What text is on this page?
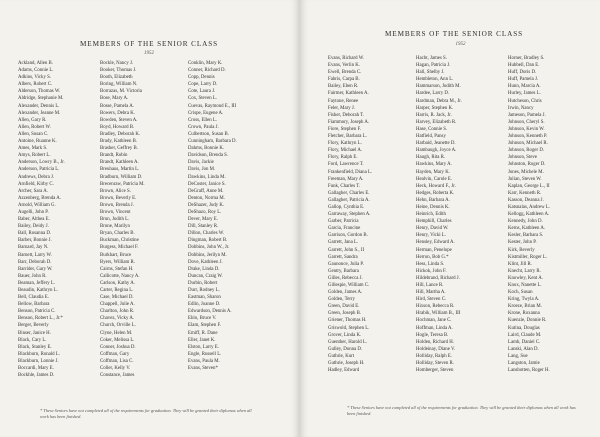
MEMBERS OF THE SENIOR CLASS
1952
Ackland, Allen B.
Adams, Connie L.
Adkins, Vicky S.
Albers, Robert C.
Alderson, Thomas W.
Aldridge, Stephanie M.
Alexander, Dennis L.
Alexander, Jeanne M.
Allen, Gary R.
Allen, Robert W.
Allen, Susan C.
Antoine, Ruanne K.
Ames, Mark S.
Amys, Robert L.
Anderson, Lowry B., Jr.
Anderson, Patricia L.
Andrews, Debra J.
Arnfield, Kirby C.
Archer, Sara A.
Azzenberg, Brenda A.
Arnold, William G.
Augelli, John P.
Baber, Althea E.
Bailey, Deidy J.
Ball, Rosanna D.
Barber, Bonnie J.
Barnard, Jay N.
Barnett, Larry W.
Barr, Deborah D.
Barrider, Gary W.
Bauer, John R.
Beaman, Jeffery L.
Beaudin, Kathryn L.
Bell, Claudia E.
Bellow, Barbara
Benson, Patricia C.
Benson, Robert L., Jr.*
Berger, Beverly
Binser, Janice H.
Black, Cary L.
Black, Stanley E.
Blackburn, Ronald L.
Blackburn, Lonnie J.
Boccardi, Mary E.
Bockhle, James D.
Bockle, Nancy J.
Booker, Thomas J.
Booth, Elizabeth
Boring, William N.
Borrazas, M. Victoria
Bose, Mary A.
Bosse, Pamela A.
Bowers, Debra K.
Bowden, Steven A.
Boyd, Howard B.
Bradley, Deborah K.
Brady, Kathleen B.
Brasher, Geffrey B.
Brandt, Robin
Brandt, Kathleen A.
Breuhaus, Martin L.
Bradburn, William D.
Brecenraw, Patricia M.
Brown, Alice S.
Brown, Beverly E.
Brown, Brenda J.
Brown, Vincent
Brun, Judith L.
Brune, Marilyn
Bryan, Charles B.
Buckman, Christine
Burgess, Michael F.
Burkhart, Bruce
Byers, William R.
Cairns, Stefan H.
Callicotte, Nancy A.
Carlson, Kathy A.
Carter, Regina L.
Case, Michael D.
Chappell, Julie A.
Charlton, John R.
Chavez, Vicky A.
Church, Orville L.
Clyne, Helen M.
Coker, Melissa L.
Conner, Joshua D.
Coffman, Gary
Coffman, Lisa C.
Coller, Kelly V.
Constance, James
Conklin, Mary K.
Conner, Richard D.
Copp, Dennis
Cope, Larry D.
Cote, Laura J.
Cox, Steven L.
Cuevas, Raymond E., III
Crispe, Eugene A.
Cross, Ellen L.
Crown, Paula J.
Culbertson, Susan B.
Cunningham, Barbara D.
Dahms, Bonnie K.
Davidson, Brenda S.
Davis, Jackie
Davis, Jon M.
Dawkins, Linda M.
DeCoster, Janice S.
DeGraff, Anne M.
Denton, Norma M.
DeShazer, Judy K.
DeShazo, Roy L.
Dever, Mary E.
Dill, Stanley R.
Dillon, Charles W.
Dingman, Robert B.
Dobbins, John W., Jr.
Dobbins, Jerilyn M.
Dove, Kathleen J.
Drake, Linda D.
Duncan, Craig W.
Durbin, Robert
Durr, Rodney L.
Eastman, Sharon
Edlin, Joanne D.
Edwardson, Dennis A.
Ehlo, Bruce V.
Elam, Stephen F.
Emiff, R. Dane
Eller, Janet K.
Elston, Larry E.
Engle, Russell L.
Evans, Paula M.
Evans, Steven*
* These Seniors have not completed all of the requirements for graduation. They will be granted their diplomas when all work has been finished.
MEMBERS OF THE SENIOR CLASS
1952
Evans, Richard W.
Evans, Verlin K.
Ewell, Brenda C.
Fabris, Carpa B.
Bailey, Eben R.
Fairmer, Kathleen A.
Faytone, Renee
Feler, Mary J.
Fisher, Deborah T.
Fiammory, Joseph A.
Fiore, Stephen F.
Fletcher, Barbara L.
Flory, Kathryn L.
Flory, Michael A.
Flory, Ralph E.
Ford, Lawrence T.
Frankenfield, Diana L.
Freeman, Mary A.
Funk, Charles T.
Gallagher, Charles E.
Gallagher, Patricia A.
Gallop, Cynthia E.
Garraway, Stephen A.
Garber, Patricia
Garcia, Francine
Garrison, Gordon B.
Garrett, Jana L.
Garrett, John S., II
Garrett, Sandra
Gaunonce, Julia P.
Gentry, Barbara
Gilles, Rebecca J.
Gillespie, William C.
Golden, James A.
Golden, Terry
Green, David E.
Green, Joseph B.
Griener, Thomas H.
Griswold, Stephen L.
Grover, Linda K.
Guenther, Harold L.
Gulley, Donna D.
Guthrie, Kurt
Guthrie, Joseph H.
Hadley, Edward
Hacht, James S.
Hagan, Patricia J.
Hall, Shelby J.
Hembleton, Ann L.
Hammarson, Judith M.
Hardee, Larry D.
Hardman, Debra M., Jr.
Harper, Stephen K.
Harris, R. Jack, Jr.
Harvey, Elizabeth R.
Hase, Connie S.
Hatfield, Pansy
Harbaid, Jeanette D.
Hambaugh, Joyce A.
Haugh, Rita R.
Hawkins, Mary A.
Hayden, Mary K.
Healvin, Carole E.
Heck, Howard F., Jr.
Hedges, Roberta K.
Hehn, Barbara A.
Heine, Dennis K.
Heinrich, Edith
Hemphill, Charles
Henry, David W.
Henry, Vicki L.
Hensley, Edward A.
Herman, Penelope
Herron, Bob G.*
Hess, Linda S.
Hickok, John F.
Hildebrand, Richard J.
Hill, Lance R.
Hill, Martha A.
Hird, Steven C.
Hixson, Rebecca R.
Hrabik, William B., III
Hochman, Jane C.
Hoffman, Linda A.
Hogle, Teresa B.
Holden, Richard H.
Holdeinay, Diane V.
Holliday, Ralph E.
Holliday, Steven R.
Homberger, Steven
Horner, Bradley S.
Hubbell, Dan E.
Huff, Doris D.
Huff, Pamela J.
Hunn, Marcia A.
Hurley, James L.
Hutcheson, Chris
Irwin, Nancy
Jameson, Pamela J.
Johnson, Cheryl S.
Johnson, Kevin W.
Johnson, Kenneth P.
Johnson, Michael R.
Johnson, Roger D.
Johnson, Steve
Johnston, Roger D.
Jones, Michele M.
Julian, Steven W.
Kaplan, George L., II
Karr, Kenneth R.
Kasson, Deanna J.
Katsnalas, Andrew L.
Kellogg, Kathleen A.
Kennedy, John D.
Kerns, Kathleen A.
Kesler, Barbara S.
Kester, John P.
Kirk, Beverly
Kistmiller, Roger L.
Klint, Jill R.
Knecht, Larry R.
Knowley, Kent A.
Knox, Nanette L.
Koch, Susan
Kring, Twyla A.
Kroeze, Brian M.
Krone, Roxanna
Kuenzie, Donnie R.
Kutina, Douglas
Laird, Claude M.
Lamb, Daniel C.
Lanski, Alan D.
Lang, Sue
Langston, Jamie
Lansbotten, Roger H.
* These Seniors have not completed all of the requirements for graduation. They will be granted their diplomas when all work has been finished.
